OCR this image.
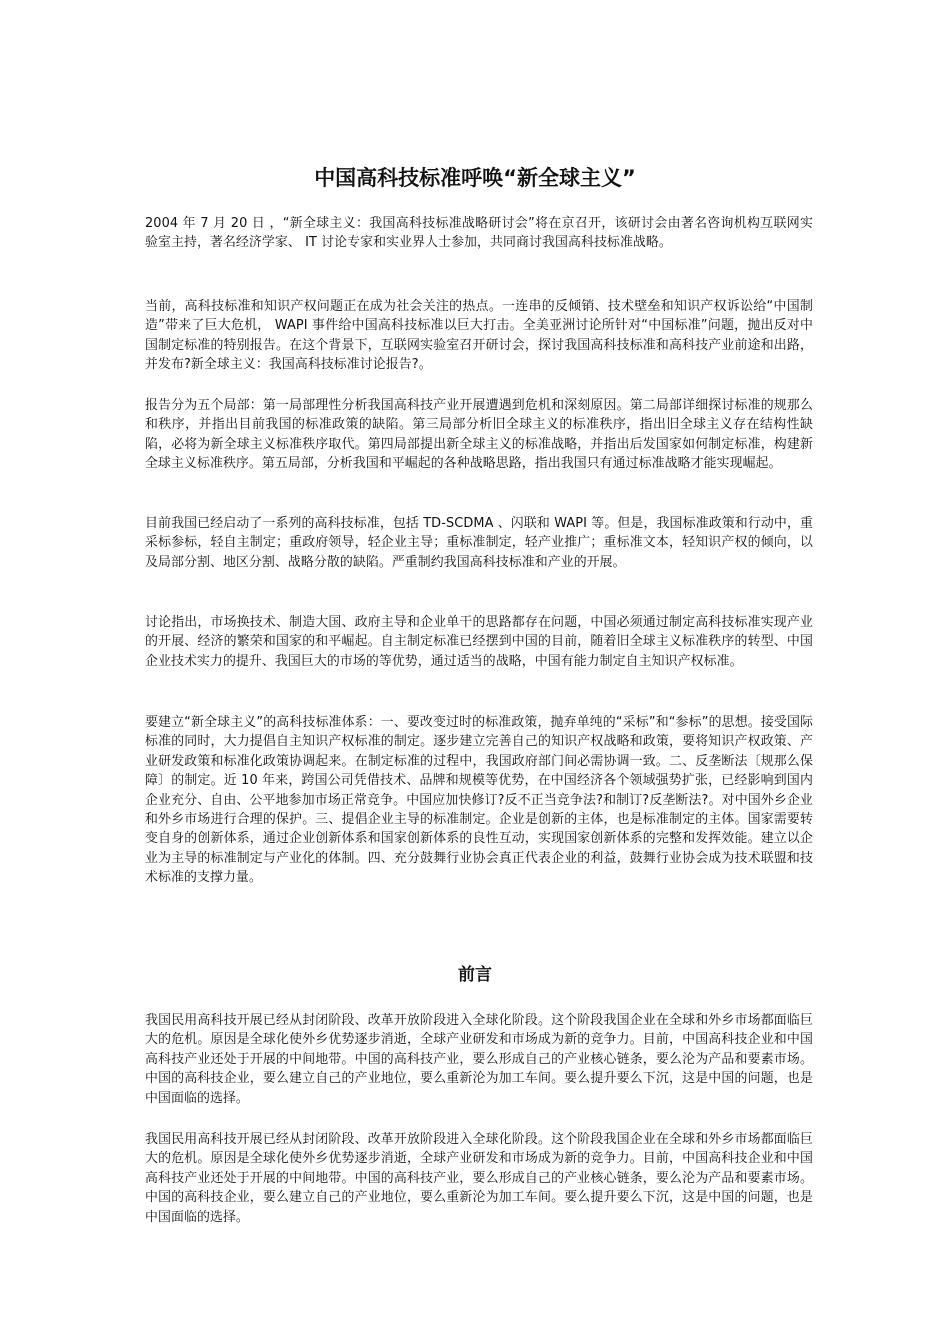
中国高科技标准呼唤“新全球主义”

2004 年 7 月 20 日 ，“新全球主义：我国高科技标准战略研讨会”将在京召开，该研讨会由著名咨询机构互联网实验室主持，著名经济学家、 IT 讨论专家和实业界人士参加，共同商讨我国高科技标准战略。

当前，高科技标准和知识产权问题正在成为社会关注的热点。一连串的反倾销、技术壁垒和知识产权诉讼给“中国制造”带来了巨大危机， WAPI 事件给中国高科技标准以巨大打击。全美亚洲讨论所针对“中国标准”问题，抛出反对中国制定标准的特别报告。在这个背景下，互联网实验室召开研讨会，探讨我国高科技标准和高科技产业前途和出路，并发布?新全球主义：我国高科技标准讨论报告?。

报告分为五个局部：第一局部理性分析我国高科技产业开展遭遇到危机和深刻原因。第二局部详细探讨标准的规那么和秩序，并指出目前我国的标准政策的缺陷。第三局部分析旧全球主义的标准秩序，指出旧全球主义存在结构性缺陷，必将为新全球主义标准秩序取代。第四局部提出新全球主义的标准战略，并指出后发国家如何制定标准，构建新全球主义标准秩序。第五局部，分析我国和平崛起的各种战略思路，指出我国只有通过标准战略才能实现崛起。

目前我国已经启动了一系列的高科技标准，包括 TD-SCDMA 、闪联和 WAPI 等。但是，我国标准政策和行动中，重采标参标，轻自主制定；重政府领导，轻企业主导；重标准制定，轻产业推广；重标准文本，轻知识产权的倾向，以及局部分割、地区分割、战略分散的缺陷。严重制约我国高科技标准和产业的开展。

讨论指出，市场换技术、制造大国、政府主导和企业单干的思路都存在问题，中国必须通过制定高科技标准实现产业的开展、经济的繁荣和国家的和平崛起。自主制定标准已经摆到中国的目前，随着旧全球主义标准秩序的转型、中国企业技术实力的提升、我国巨大的市场的等优势，通过适当的战略，中国有能力制定自主知识产权标准。

要建立“新全球主义”的高科技标准体系：一、要改变过时的标准政策，抛弃单纯的“采标”和“参标”的思想。接受国际标准的同时，大力提倡自主知识产权标准的制定。逐步建立完善自己的知识产权战略和政策，要将知识产权政策、产业研发政策和标准化政策协调起来。在制定标准的过程中，我国政府部门间必需协调一致。二、反垄断法〔规那么保障〕的制定。近 10 年来，跨国公司凭借技术、品牌和规模等优势，在中国经济各个领域强势扩张，已经影响到国内企业充分、自由、公平地参加市场正常竞争。中国应加快修订?反不正当竞争法?和制订?反垄断法?。对中国外乡企业和外乡市场进行合理的保护。三、提倡企业主导的标准制定。企业是创新的主体，也是标准制定的主体。国家需要转变自身的创新体系，通过企业创新体系和国家创新体系的良性互动，实现国家创新体系的完整和发挥效能。建立以企业为主导的标准制定与产业化的体制。四、充分鼓舞行业协会真正代表企业的利益，鼓舞行业协会成为技术联盟和技术标准的支撑力量。

前言

我国民用高科技开展已经从封闭阶段、改革开放阶段进入全球化阶段。这个阶段我国企业在全球和外乡市场都面临巨大的危机。原因是全球化使外乡优势逐步消逝，全球产业研发和市场成为新的竞争力。目前，中国高科技企业和中国高科技产业还处于开展的中间地带。中国的高科技产业，要么形成自己的产业核心链条，要么沦为产品和要素市场。中国的高科技企业，要么建立自己的产业地位，要么重新沦为加工车间。要么提升要么下沉，这是中国的问题，也是中国面临的选择。

我国民用高科技开展已经从封闭阶段、改革开放阶段进入全球化阶段。这个阶段我国企业在全球和外乡市场都面临巨大的危机。原因是全球化使外乡优势逐步消逝，全球产业研发和市场成为新的竞争力。目前，中国高科技企业和中国高科技产业还处于开展的中间地带。中国的高科技产业，要么形成自己的产业核心链条，要么沦为产品和要素市场。中国的高科技企业，要么建立自己的产业地位，要么重新沦为加工车间。要么提升要么下沉，这是中国的问题，也是中国面临的选择。
